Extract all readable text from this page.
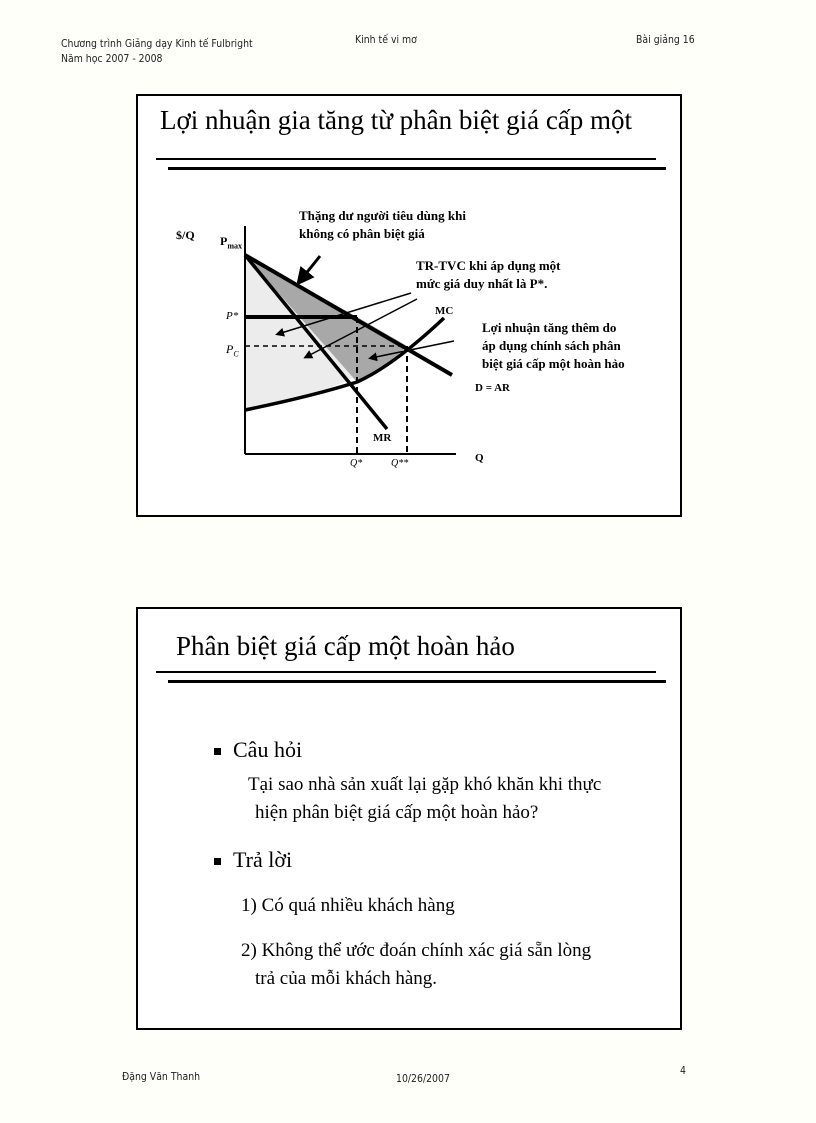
Chương trình Giảng dạy Kinh tế Fulbright
Năm học 2007 - 2008
Kinh tế vi mơ	Bài giảng 16
Lợi nhuận gia tăng từ phân biệt giá cấp một
$/Q $P_{max}$
P*
$P_C$
Q*	Q**	Q
MC
MR
D = AR
Thặng dư người tiêu dùng khi
không có phân biệt giá
TR-TVC khi áp dụng một
mức giá duy nhất là P*.
Lợi nhuận tăng thêm do
áp dụng chính sách phân
biệt giá cấp một hoàn hảo
Phân biệt giá cấp một hoàn hảo
Câu hỏi
Tại sao nhà sản xuất lại gặp khó khăn khi thực
hiện phân biệt giá cấp một hoàn hảo?
Trả lời
1) Có quá nhiều khách hàng
2) Không thể ước đoán chính xác giá sẵn lòng
trả của mỗi khách hàng.
Đặng Văn Thanh	10/26/2007
4
